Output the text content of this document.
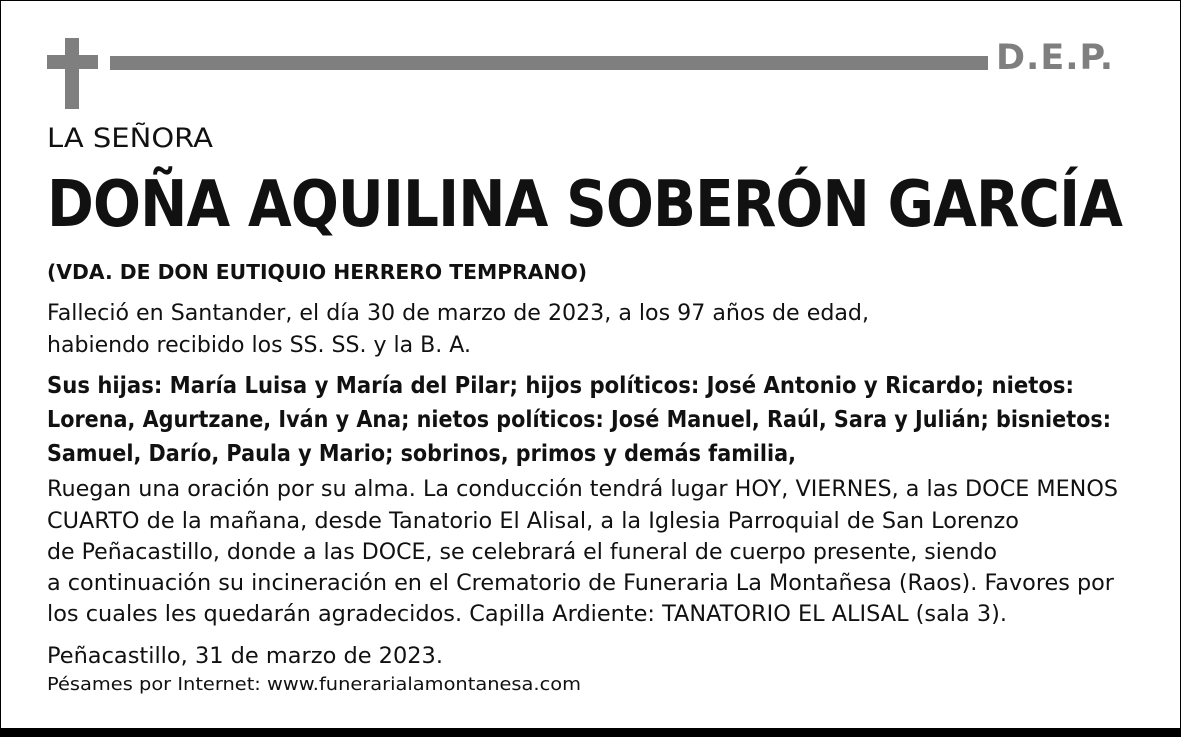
D.E.P.

LA SEÑORA

DOÑA AQUILINA SOBERÓN GARCÍA

(VDA. DE DON EUTIQUIO HERRERO TEMPRANO)

Falleció en Santander, el día 30 de marzo de 2023, a los 97 años de edad,

habiendo recibido los SS. SS. y la B. A.

Sus hijas: María Luisa y María del Pilar; hijos políticos: José Antonio y Ricardo; nietos:

Lorena, Agurtzane, Iván y Ana; nietos políticos: José Manuel, Raúl, Sara y Julián; bisnietos:

Samuel, Darío, Paula y Mario; sobrinos, primos y demás familia,

Ruegan una oración por su alma. La conducción tendrá lugar HOY, VIERNES, a las DOCE MENOS

CUARTO de la mañana, desde Tanatorio El Alisal, a la Iglesia Parroquial de San Lorenzo

de Peñacastillo, donde a las DOCE, se celebrará el funeral de cuerpo presente, siendo

a continuación su incineración en el Crematorio de Funeraria La Montañesa (Raos). Favores por

los cuales les quedarán agradecidos. Capilla Ardiente: TANATORIO EL ALISAL (sala 3).

Peñacastillo, 31 de marzo de 2023.

Pésames por Internet: www.funerarialamontanesa.com
